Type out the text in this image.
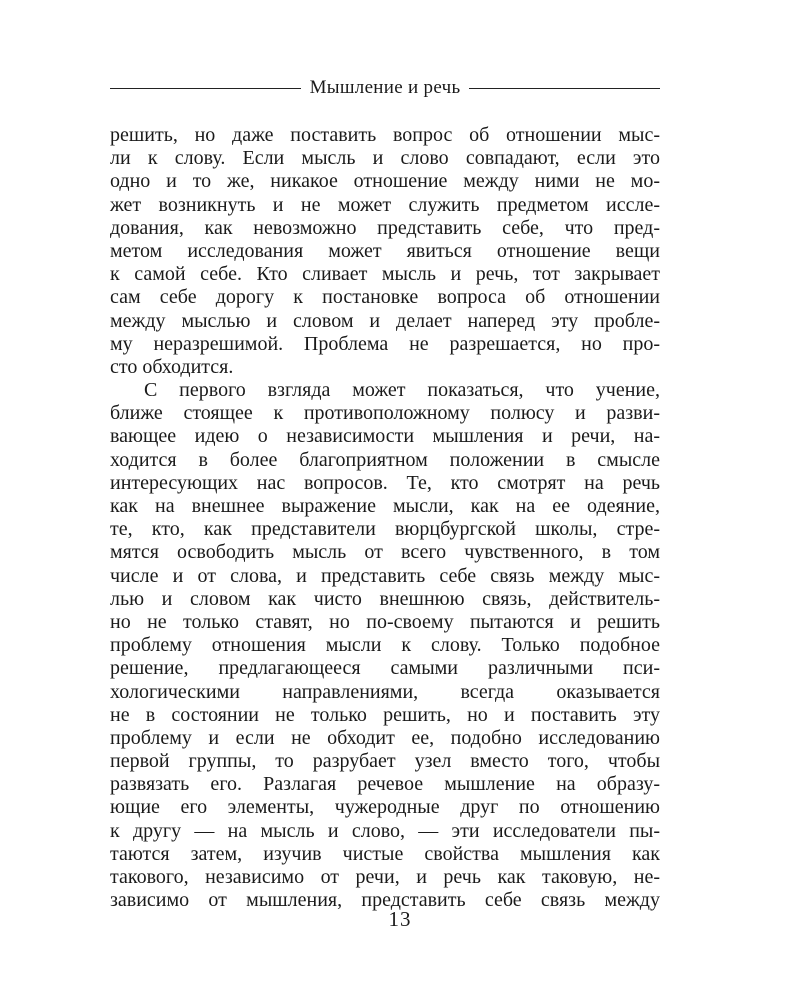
Мышление и речь
решить, но даже поставить вопрос об отношении мыс-
ли к слову. Если мысль и слово совпадают, если это
одно и то же, никакое отношение между ними не мо-
жет возникнуть и не может служить предметом иссле-
дования, как невозможно представить себе, что пред-
метом исследования может явиться отношение вещи
к самой себе. Кто сливает мысль и речь, тот закрывает
сам себе дорогу к постановке вопроса об отношении
между мыслью и словом и делает наперед эту пробле-
му неразрешимой. Проблема не разрешается, но про-
сто обходится.
С первого взгляда может показаться, что учение,
ближе стоящее к противоположному полюсу и разви-
вающее идею о независимости мышления и речи, на-
ходится в более благоприятном положении в смысле
интересующих нас вопросов. Те, кто смотрят на речь
как на внешнее выражение мысли, как на ее одеяние,
те, кто, как представители вюрцбургской школы, стре-
мятся освободить мысль от всего чувственного, в том
числе и от слова, и представить себе связь между мыс-
лью и словом как чисто внешнюю связь, действитель-
но не только ставят, но по-своему пытаются и решить
проблему отношения мысли к слову. Только подобное
решение, предлагающееся самыми различными пси-
хологическими направлениями, всегда оказывается
не в состоянии не только решить, но и поставить эту
проблему и если не обходит ее, подобно исследованию
первой группы, то разрубает узел вместо того, чтобы
развязать его. Разлагая речевое мышление на образу-
ющие его элементы, чужеродные друг по отношению
к другу — на мысль и слово, — эти исследователи пы-
таются затем, изучив чистые свойства мышления как
такового, независимо от речи, и речь как таковую, не-
зависимо от мышления, представить себе связь между
13
